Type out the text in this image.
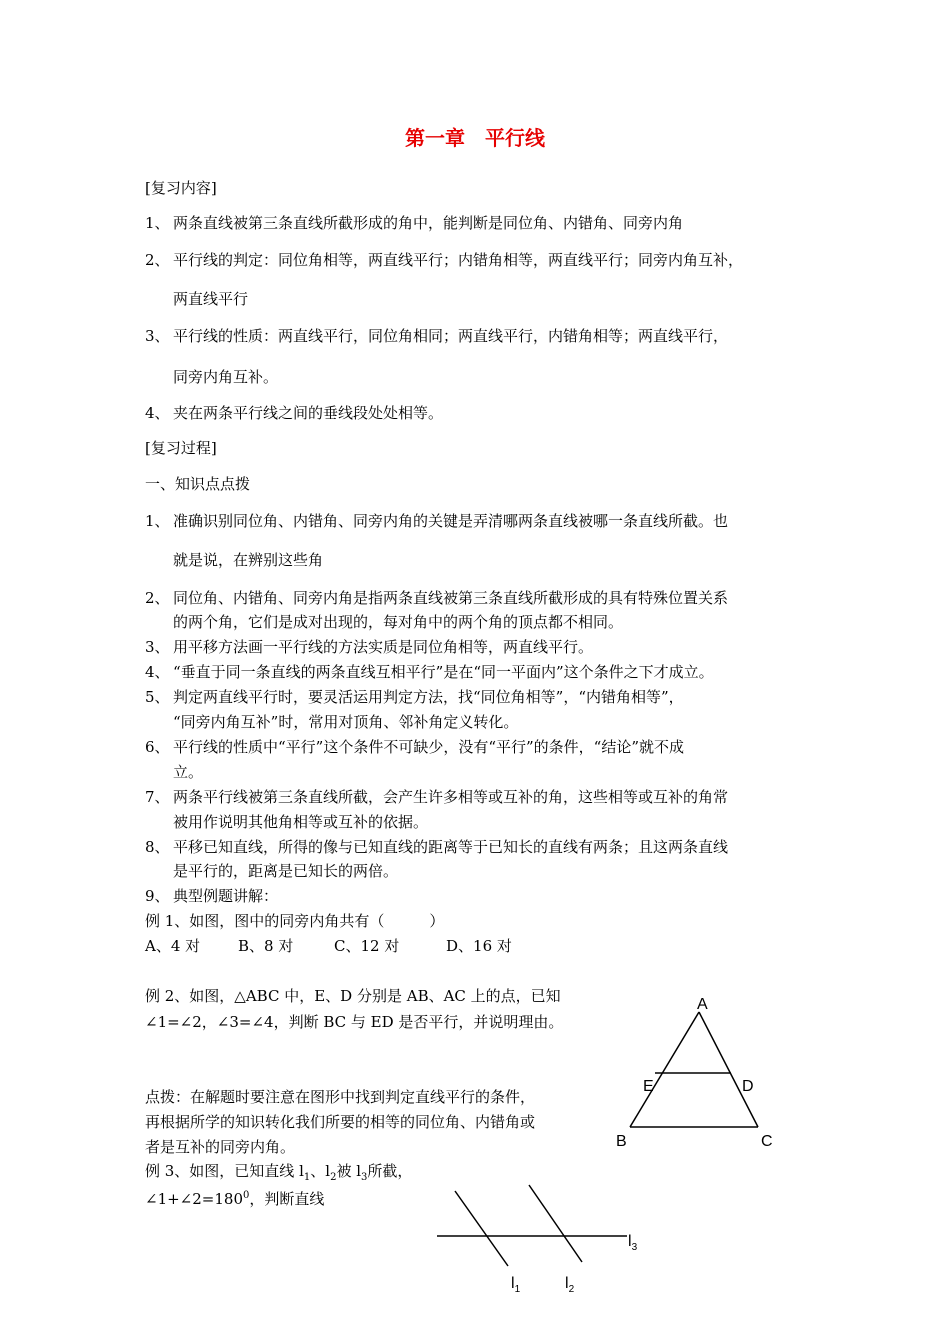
第一章　平行线
[复习内容]
1、 两条直线被第三条直线所截形成的角中，能判断是同位角、内错角、同旁内角
2、 平行线的判定：同位角相等，两直线平行；内错角相等，两直线平行；同旁内角互补，
两直线平行
3、 平行线的性质：两直线平行，同位角相同；两直线平行，内错角相等；两直线平行，
同旁内角互补。
4、 夹在两条平行线之间的垂线段处处相等。
[复习过程]
一、知识点点拨
1、 准确识别同位角、内错角、同旁内角的关键是弄清哪两条直线被哪一条直线所截。也
就是说，在辨别这些角
2、 同位角、内错角、同旁内角是指两条直线被第三条直线所截形成的具有特殊位置关系
的两个角，它们是成对出现的，每对角中的两个角的顶点都不相同。
3、 用平移方法画一平行线的方法实质是同位角相等，两直线平行。
4、 “垂直于同一条直线的两条直线互相平行”是在“同一平面内”这个条件之下才成立。
5、 判定两直线平行时，要灵活运用判定方法，找“同位角相等”，“内错角相等”，
“同旁内角互补”时，常用对顶角、邻补角定义转化。
6、 平行线的性质中“平行”这个条件不可缺少，没有“平行”的条件，“结论”就不成
立。
7、 两条平行线被第三条直线所截，会产生许多相等或互补的角，这些相等或互补的角常
被用作说明其他角相等或互补的依据。
8、 平移已知直线，所得的像与已知直线的距离等于已知长的直线有两条；且这两条直线
是平行的，距离是已知长的两倍。
9、 典型例题讲解：
例 1、如图，图中的同旁内角共有（　　　）
A、4 对	B、8 对	C、12 对	D、16 对
例 2、如图，△ABC 中，E、D 分别是 AB、AC 上的点，已知
∠1=∠2，∠3=∠4，判断 BC 与 ED 是否平行，并说明理由。
点拨：在解题时要注意在图形中找到判定直线平行的条件，
再根据所学的知识转化我们所要的相等的同位角、内错角或
者是互补的同旁内角。
A
E	D
B	C
例 3、如图，已知直线 $l_1$、$l_2$被 $l_3$所截，
$\angle 1+\angle 2=180^0$，判断直线
$l_3$
$l_1$	$l_2$
